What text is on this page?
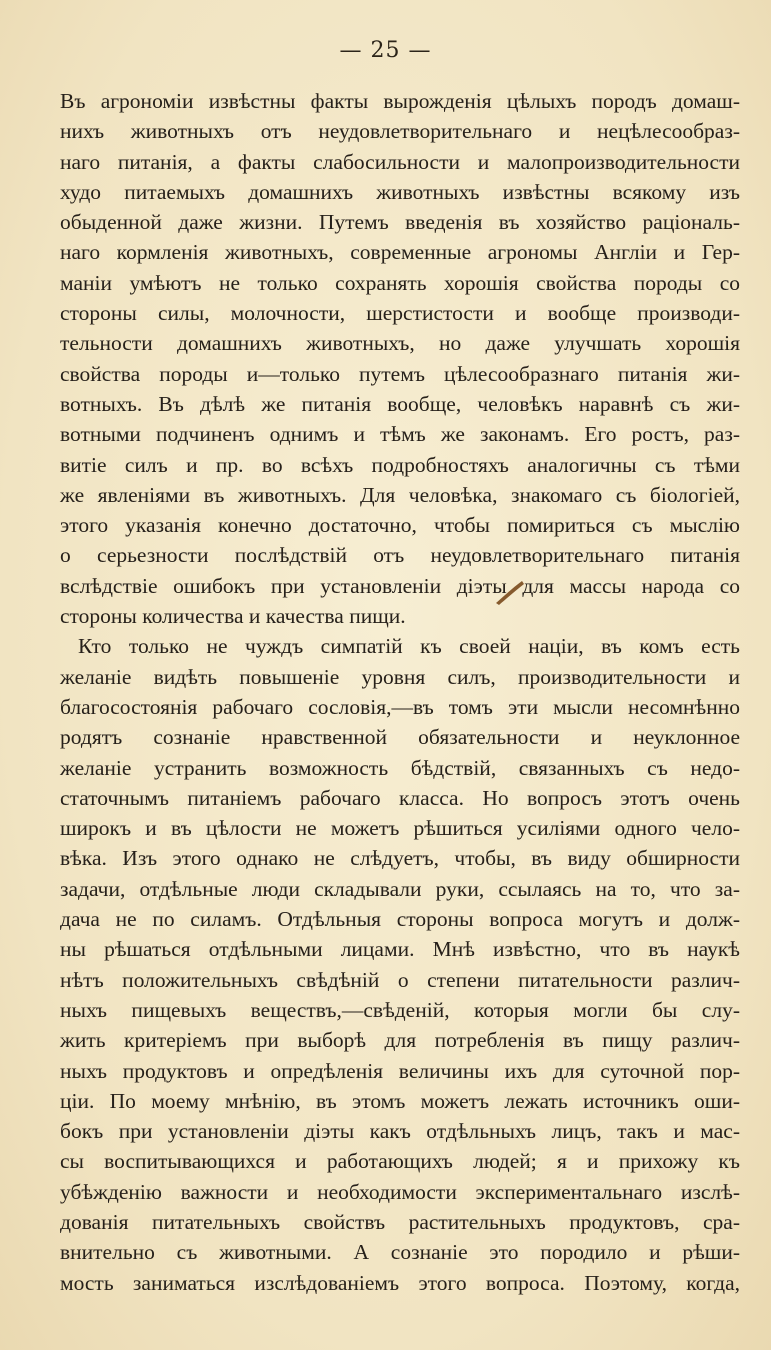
— 25 —
Въ агрономіи извѣстны факты вырожденія цѣлыхъ породъ домаш-
нихъ животныхъ отъ неудовлетворительнаго и нецѣлесообраз-
наго питанія, а факты слабосильности и малопроизводительности
худо питаемыхъ домашнихъ животныхъ извѣстны всякому изъ
обыденной даже жизни. Путемъ введенія въ хозяйство раціональ-
наго кормленія животныхъ, современные агрономы Англіи и Гер-
маніи умѣютъ не только сохранять хорошія свойства породы со
стороны силы, молочности, шерстистости и вообще производи-
тельности домашнихъ животныхъ, но даже улучшать хорошія
свойства породы и—только путемъ цѣлесообразнаго питанія жи-
вотныхъ. Въ дѣлѣ же питанія вообще, человѣкъ наравнѣ съ жи-
вотными подчиненъ однимъ и тѣмъ же законамъ. Его ростъ, раз-
витіе силъ и пр. во всѣхъ подробностяхъ аналогичны съ тѣми
же явленіями въ животныхъ. Для человѣка, знакомаго съ біологіей,
этого указанія конечно достаточно, чтобы помириться съ мыслію
о серьезности послѣдствій отъ неудовлетворительнаго питанія
вслѣдствіе ошибокъ при установленіи діэты для массы народа со
стороны количества и качества пищи.
Кто только не чуждъ симпатій къ своей націи, въ комъ есть
желаніе видѣть повышеніе уровня силъ, производительности и
благосостоянія рабочаго сословія,—въ томъ эти мысли несомнѣнно
родятъ сознаніе нравственной обязательности и неуклонное
желаніе устранить возможность бѣдствій, связанныхъ съ недо-
статочнымъ питаніемъ рабочаго класса. Но вопросъ этотъ очень
широкъ и въ цѣлости не можетъ рѣшиться усиліями одного чело-
вѣка. Изъ этого однако не слѣдуетъ, чтобы, въ виду обширности
задачи, отдѣльные люди складывали руки, ссылаясь на то, что за-
дача не по силамъ. Отдѣльныя стороны вопроса могутъ и долж-
ны рѣшаться отдѣльными лицами. Мнѣ извѣстно, что въ наукѣ
нѣтъ положительныхъ свѣдѣній о степени питательности различ-
ныхъ пищевыхъ веществъ,—свѣденій, которыя могли бы слу-
жить критеріемъ при выборѣ для потребленія въ пищу различ-
ныхъ продуктовъ и опредѣленія величины ихъ для суточной пор-
ціи. По моему мнѣнію, въ этомъ можетъ лежать источникъ оши-
бокъ при установленіи діэты какъ отдѣльныхъ лицъ, такъ и мас-
сы воспитывающихся и работающихъ людей; я и прихожу къ
убѣжденію важности и необходимости экспериментальнаго изслѣ-
дованія питательныхъ свойствъ растительныхъ продуктовъ, сра-
внительно съ животными. А сознаніе это породило и рѣши-
мость заниматься изслѣдованіемъ этого вопроса. Поэтому, когда,
